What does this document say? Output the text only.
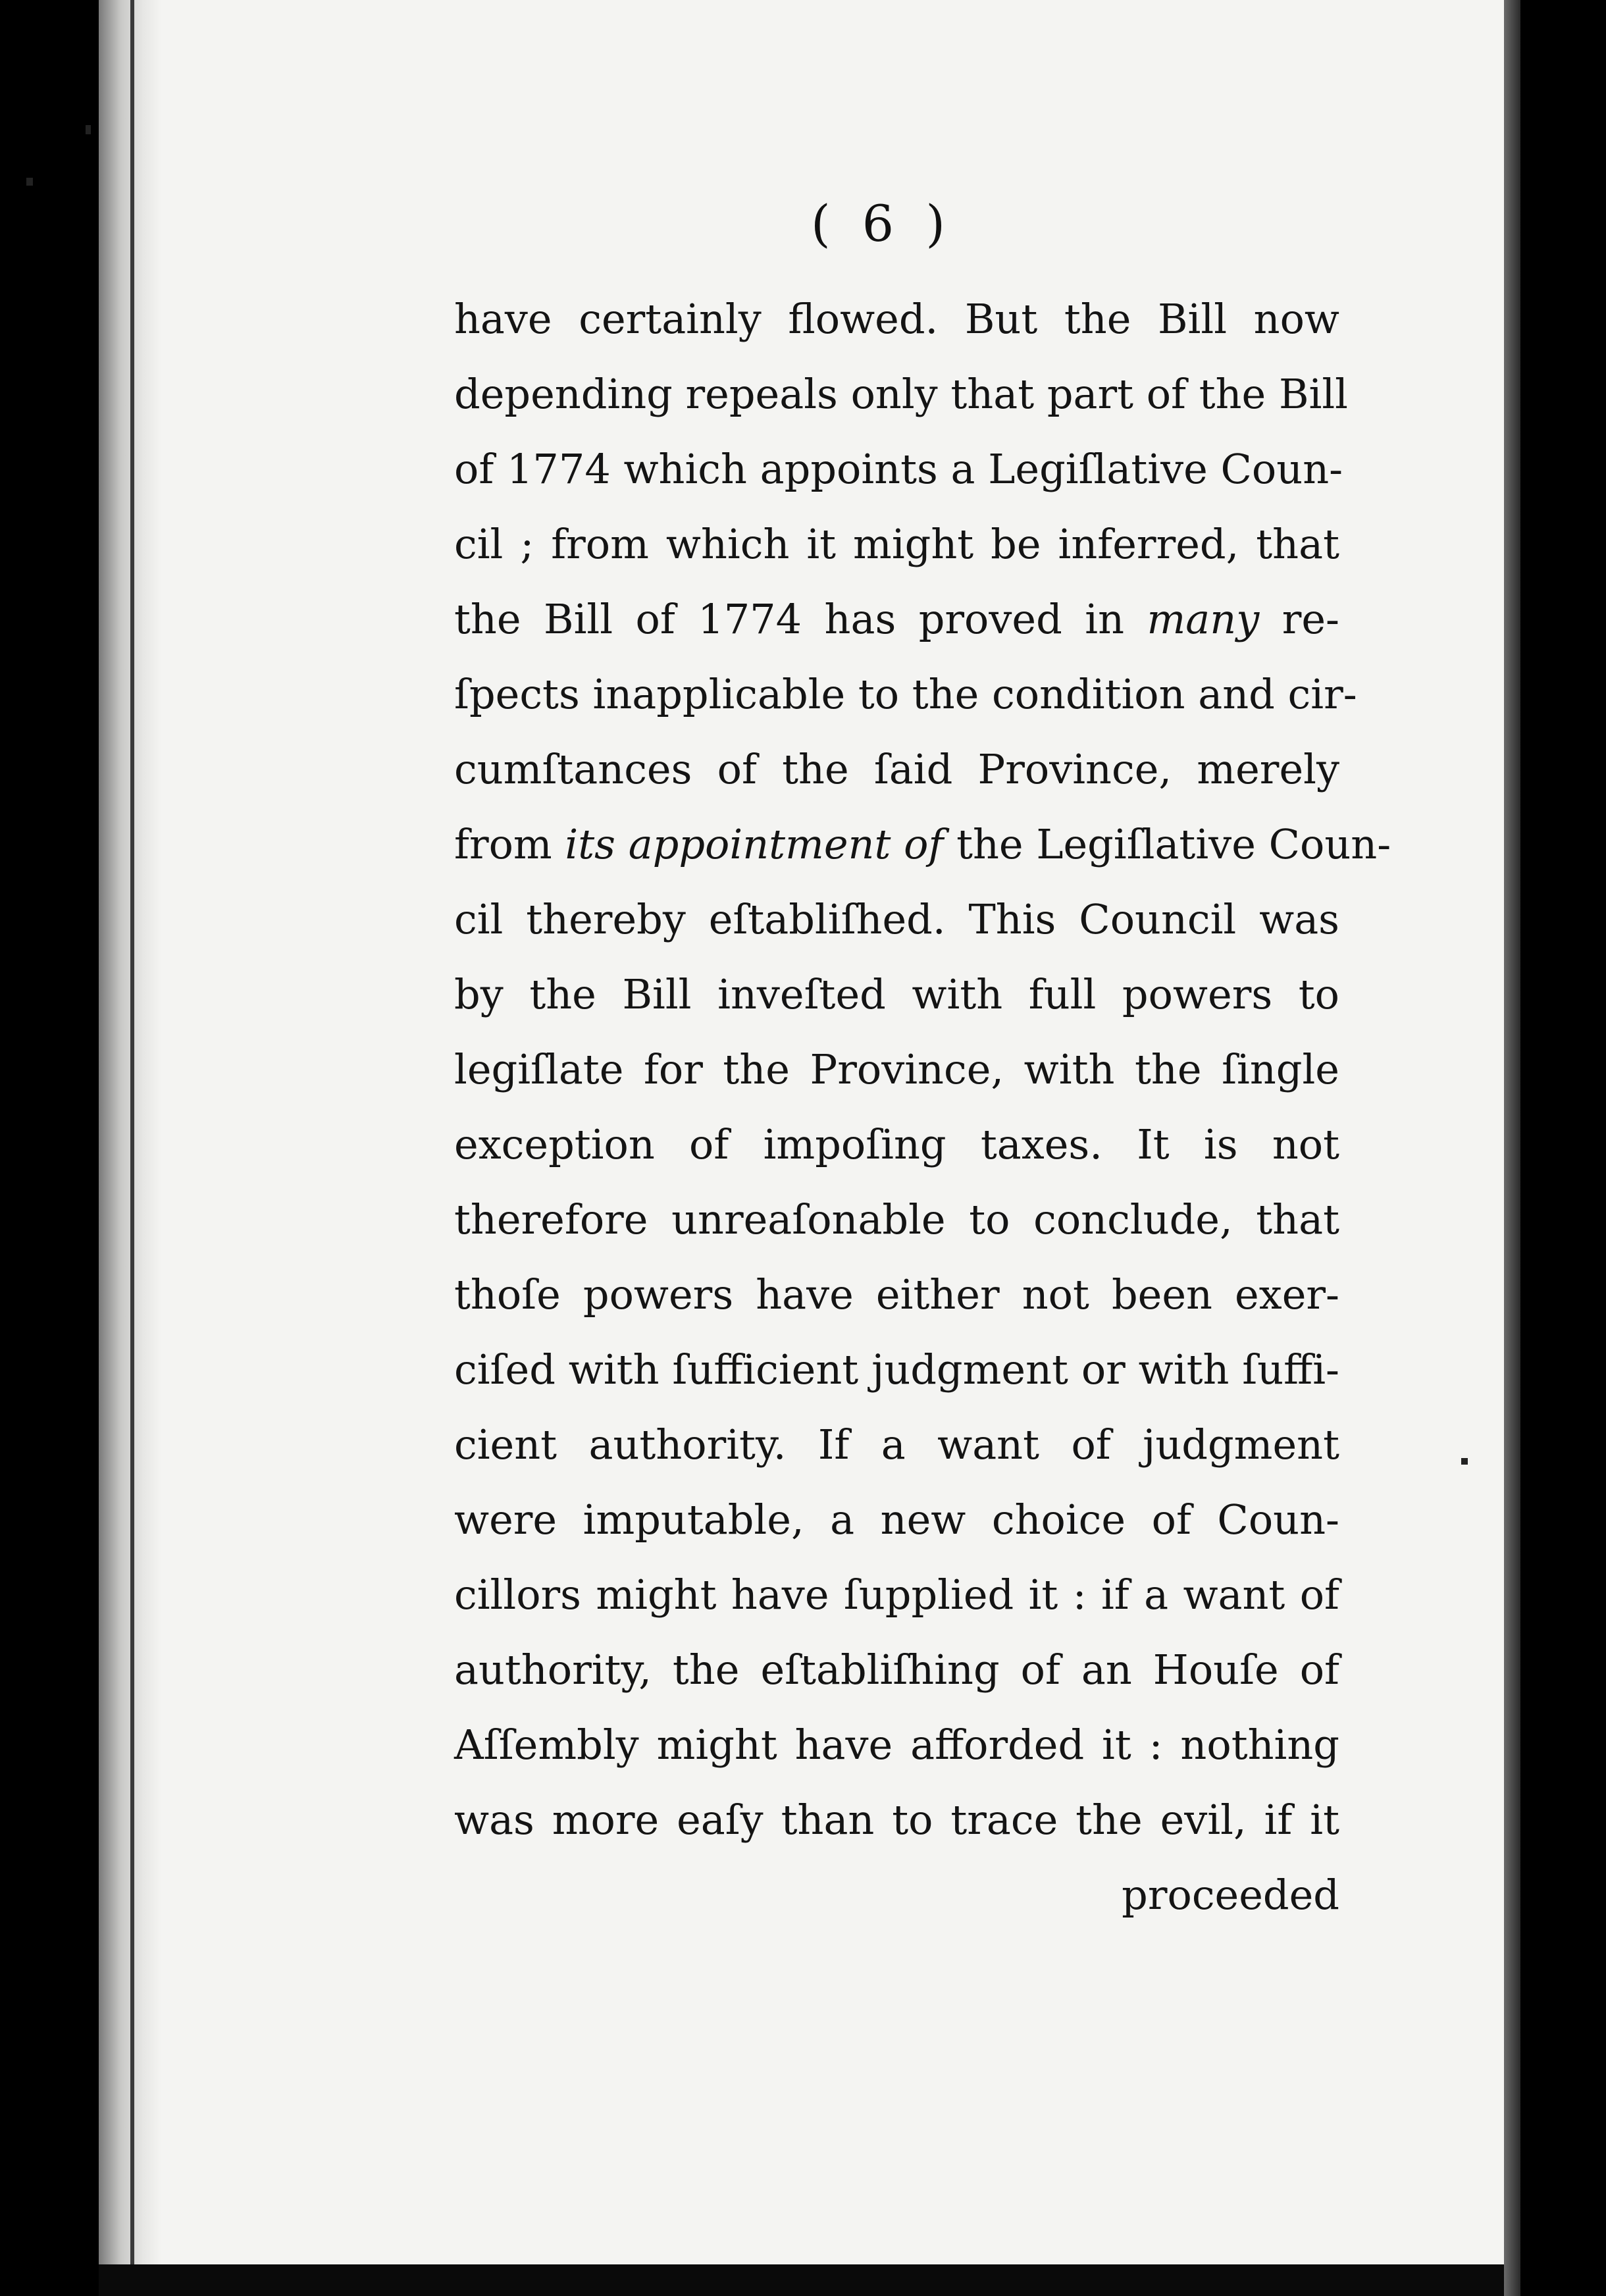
( 6 )
have certainly flowed. But the Bill now
depending repeals only that part of the Bill
of 1774 which appoints a Legiſlative Coun-
cil ; from which it might be inferred, that
the Bill of 1774 has proved in many re-
ſpects inapplicable to the condition and cir-
cumſtances of the ſaid Province, merely
from its appointment of the Legiſlative Coun-
cil thereby eſtabliſhed. This Council was
by the Bill inveſted with full powers to
legiſlate for the Province, with the ſingle
exception of impoſing taxes. It is not
therefore unreaſonable to conclude, that
thoſe powers have either not been exer-
ciſed with ſufficient judgment or with ſuffi-
cient authority. If a want of judgment
were imputable, a new choice of Coun-
cillors might have ſupplied it : if a want of
authority, the eſtabliſhing of an Houſe of
Aſſembly might have afforded it : nothing
was more eaſy than to trace the evil, if it
proceeded
